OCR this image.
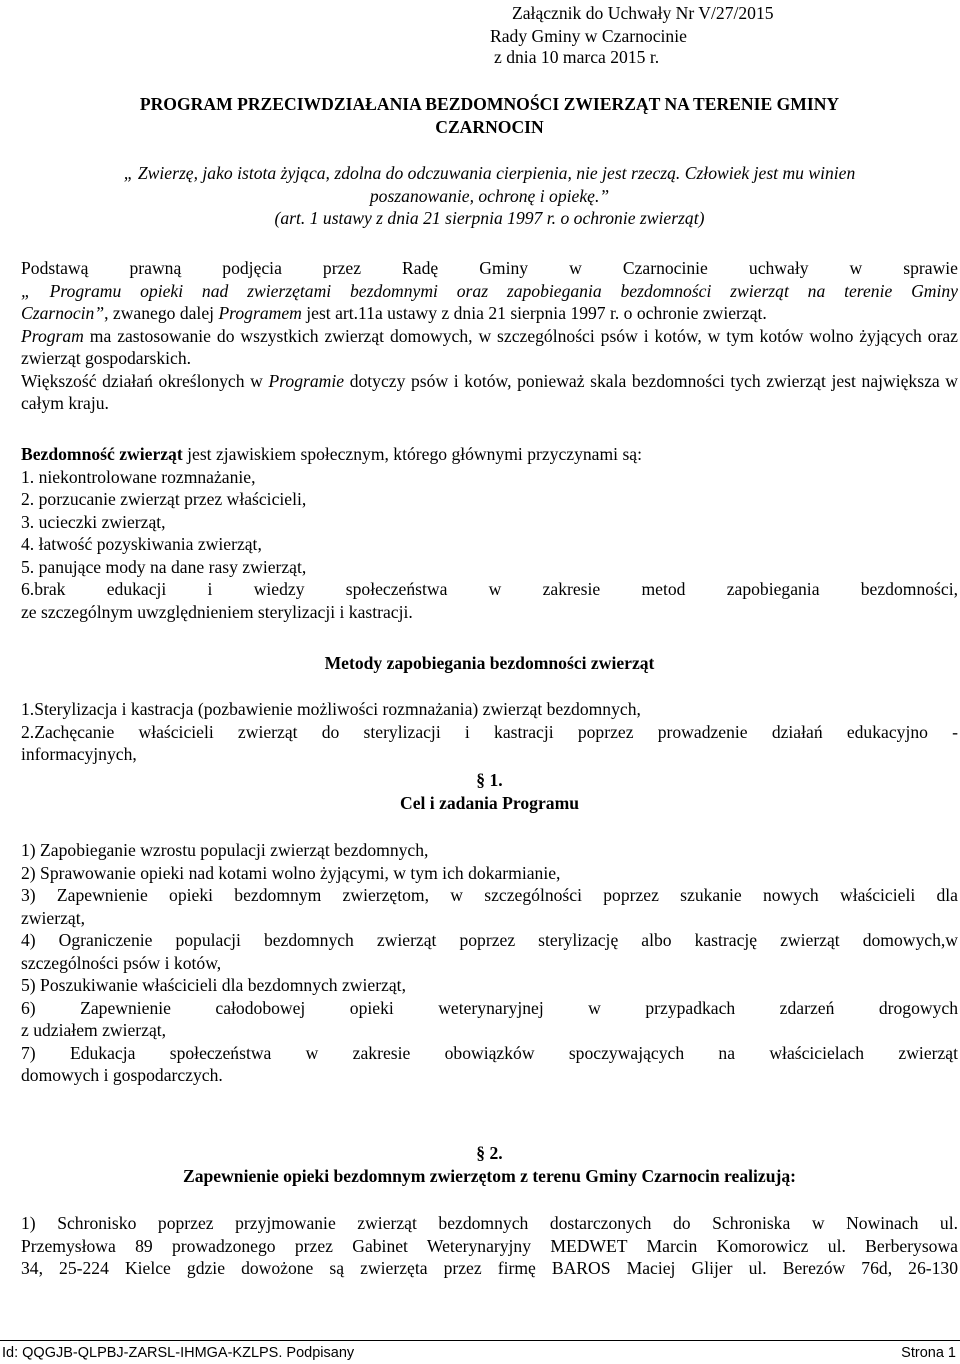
Załącznik do Uchwały Nr V/27/2015
Rady Gminy w Czarnocinie
z dnia 10 marca 2015 r.
PROGRAM PRZECIWDZIAŁANIA BEZDOMNOŚCI ZWIERZĄT NA TERENIE GMINY
CZARNOCIN
„ Zwierzę, jako istota żyjąca, zdolna do odczuwania cierpienia, nie jest rzeczą. Człowiek jest mu winien
poszanowanie, ochronę i opiekę.”
(art. 1 ustawy z dnia 21 sierpnia 1997 r. o ochronie zwierząt)
Podstawą prawną podjęcia przez Radę Gminy w Czarnocinie uchwały w sprawie
„ Programu opieki nad zwierzętami bezdomnymi oraz zapobiegania bezdomności zwierząt na terenie Gminy
Czarnocin”, zwanego dalej Programem jest art.11a ustawy z dnia 21 sierpnia 1997 r. o ochronie zwierząt.
Program ma zastosowanie do wszystkich zwierząt domowych, w szczególności psów i kotów, w tym kotów wolno żyjących oraz zwierząt gospodarskich.
Większość działań określonych w Programie dotyczy psów i kotów, ponieważ skala bezdomności tych zwierząt jest największa w całym kraju.
Bezdomność zwierząt jest zjawiskiem społecznym, którego głównymi przyczynami są:
1. niekontrolowane rozmnażanie,
2. porzucanie zwierząt przez właścicieli,
3. ucieczki zwierząt,
4. łatwość pozyskiwania zwierząt,
5. panujące mody na dane rasy zwierząt,
6.brak edukacji i wiedzy społeczeństwa w zakresie metod zapobiegania bezdomności,
ze szczególnym uwzględnieniem sterylizacji i kastracji.
Metody zapobiegania bezdomności zwierząt
1.Sterylizacja i kastracja (pozbawienie możliwości rozmnażania) zwierząt bezdomnych,
2.Zachęcanie właścicieli zwierząt do sterylizacji i kastracji poprzez prowadzenie działań edukacyjno -
informacyjnych,
§ 1.
Cel i zadania Programu
1) Zapobieganie wzrostu populacji zwierząt bezdomnych,
2) Sprawowanie opieki nad kotami wolno żyjącymi, w tym ich dokarmianie,
3) Zapewnienie opieki bezdomnym zwierzętom, w szczególności poprzez szukanie nowych właścicieli dla
zwierząt,
4) Ograniczenie populacji bezdomnych zwierząt poprzez sterylizację albo kastrację zwierząt domowych,w
szczególności psów i kotów,
5) Poszukiwanie właścicieli dla bezdomnych zwierząt,
6) Zapewnienie całodobowej opieki weterynaryjnej w przypadkach zdarzeń drogowych
z udziałem zwierząt,
7) Edukacja społeczeństwa w zakresie obowiązków spoczywających na właścicielach zwierząt
domowych i gospodarczych.
§ 2.
Zapewnienie opieki bezdomnym zwierzętom z terenu Gminy Czarnocin realizują:
1) Schronisko poprzez przyjmowanie zwierząt bezdomnych dostarczonych do Schroniska w Nowinach ul.
Przemysłowa 89 prowadzonego przez Gabinet Weterynaryjny MEDWET Marcin Komorowicz ul. Berberysowa
34, 25-224 Kielce gdzie dowożone są zwierzęta przez firmę BAROS Maciej Glijer ul. Berezów 76d, 26-130
Id: QQGJB-QLPBJ-ZARSL-IHMGA-KZLPS. Podpisany	Strona 1
